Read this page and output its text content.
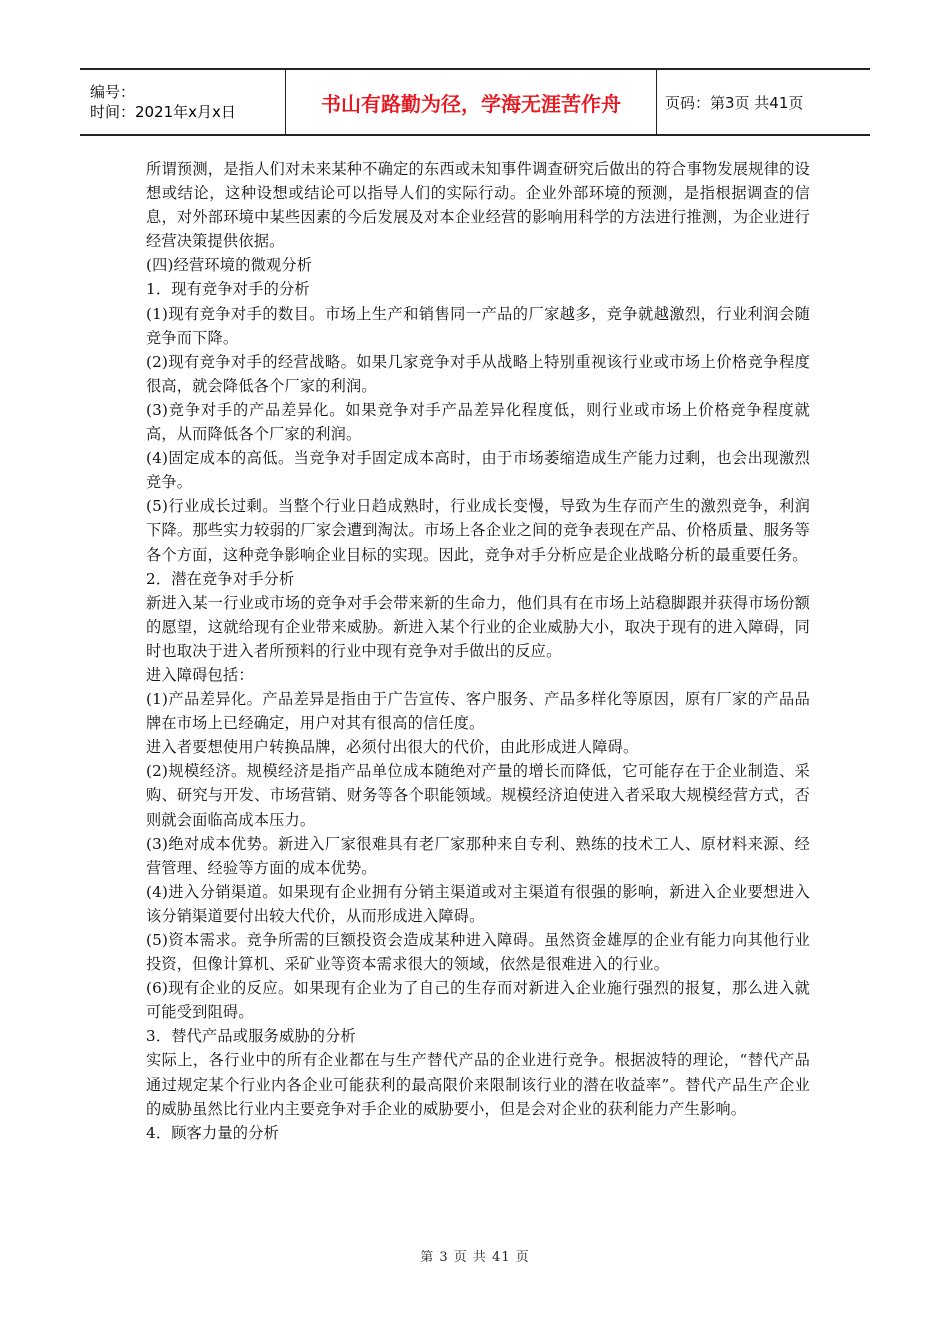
编号：
时间：2021年x月x日	书山有路勤为径，学海无涯苦作舟	页码：第3页 共41页

所谓预测，是指人们对未来某种不确定的东西或未知事件调查研究后做出的符合事物发展规律的设想或结论，这种设想或结论可以指导人们的实际行动。企业外部环境的预测，是指根据调查的信息，对外部环境中某些因素的今后发展及对本企业经营的影响用科学的方法进行推测，为企业进行经营决策提供依据。

(四)经营环境的微观分析

1．现有竞争对手的分析

(1)现有竞争对手的数目。市场上生产和销售同一产品的厂家越多，竞争就越激烈，行业利润会随竞争而下降。

(2)现有竞争对手的经营战略。如果几家竞争对手从战略上特别重视该行业或市场上价格竞争程度很高，就会降低各个厂家的利润。

(3)竞争对手的产品差异化。如果竞争对手产品差异化程度低，则行业或市场上价格竞争程度就高，从而降低各个厂家的利润。

(4)固定成本的高低。当竞争对手固定成本高时，由于市场萎缩造成生产能力过剩，也会出现激烈竞争。

(5)行业成长过剩。当整个行业日趋成熟时，行业成长变慢，导致为生存而产生的激烈竞争，利润下降。那些实力较弱的厂家会遭到淘汰。市场上各企业之间的竞争表现在产品、价格质量、服务等各个方面，这种竞争影响企业目标的实现。因此，竞争对手分析应是企业战略分析的最重要任务。

2．潜在竞争对手分析

新进入某一行业或市场的竞争对手会带来新的生命力，他们具有在市场上站稳脚跟并获得市场份额的愿望，这就给现有企业带来威胁。新进入某个行业的企业威胁大小，取决于现有的进入障碍，同时也取决于进入者所预料的行业中现有竞争对手做出的反应。

进入障碍包括：

(1)产品差异化。产品差异是指由于广告宣传、客户服务、产品多样化等原因，原有厂家的产品品牌在市场上已经确定，用户对其有很高的信任度。

进入者要想使用户转换品牌，必须付出很大的代价，由此形成进人障碍。

(2)规模经济。规模经济是指产品单位成本随绝对产量的增长而降低，它可能存在于企业制造、采购、研究与开发、市场营销、财务等各个职能领域。规模经济迫使进入者采取大规模经营方式，否则就会面临高成本压力。

(3)绝对成本优势。新进入厂家很难具有老厂家那种来自专利、熟练的技术工人、原材料来源、经营管理、经验等方面的成本优势。

(4)进入分销渠道。如果现有企业拥有分销主渠道或对主渠道有很强的影响，新进入企业要想进入该分销渠道要付出较大代价，从而形成进入障碍。

(5)资本需求。竞争所需的巨额投资会造成某种进入障碍。虽然资金雄厚的企业有能力向其他行业投资，但像计算机、采矿业等资本需求很大的领域，依然是很难进入的行业。

(6)现有企业的反应。如果现有企业为了自己的生存而对新进入企业施行强烈的报复，那么进入就可能受到阻碍。

3．替代产品或服务威胁的分析

实际上，各行业中的所有企业都在与生产替代产品的企业进行竞争。根据波特的理论，“替代产品通过规定某个行业内各企业可能获利的最高限价来限制该行业的潜在收益率”。替代产品生产企业的威胁虽然比行业内主要竞争对手企业的威胁要小，但是会对企业的获利能力产生影响。

4．顾客力量的分析

第 3 页 共 41 页
